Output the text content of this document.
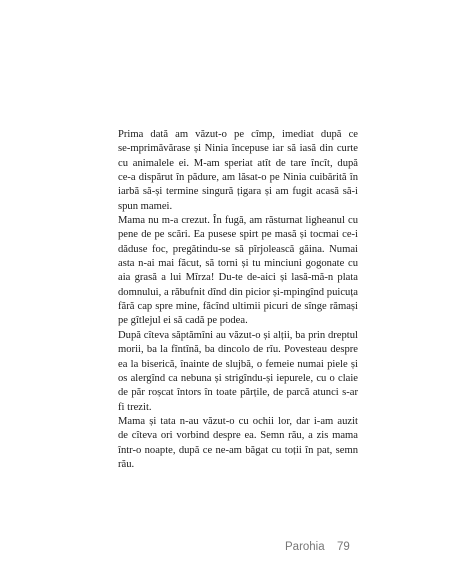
Prima dată am văzut-o pe cîmp, imediat după ce
se-mprimăvărase și Ninia începuse iar să iasă din curte
cu animalele ei. M-am speriat atît de tare încît, după
ce-a dispărut în pădure, am lăsat-o pe Ninia cuibărită în
iarbă să-și termine singură țigara și am fugit acasă să-i
spun mamei.
Mama nu m-a crezut. În fugă, am răsturnat ligheanul cu
pene de pe scări. Ea pusese spirt pe masă și tocmai ce-i
dăduse foc, pregătindu-se să pîrjolească găina. Numai
asta n-ai mai făcut, să torni și tu minciuni gogonate cu
aia grasă a lui Mîrza! Du-te de-aici și lasă-mă-n plata
domnului, a răbufnit dînd din picior și-mpingînd puicuța
fără cap spre mine, făcînd ultimii picuri de sînge rămași
pe gîtlejul ei să cadă pe podea.
După cîteva săptămîni au văzut-o și alții, ba prin dreptul
morii, ba la fîntînă, ba dincolo de rîu. Povesteau despre
ea la biserică, înainte de slujbă, o femeie numai piele și
os alergînd ca nebuna și strigîndu-și iepurele, cu o claie
de păr roșcat întors în toate părțile, de parcă atunci s-ar
fi trezit.
Mama și tata n-au văzut-o cu ochii lor, dar i-am auzit
de cîteva ori vorbind despre ea. Semn rău, a zis mama
într-o noapte, după ce ne-am băgat cu toții în pat, semn
rău.
Parohia 79
